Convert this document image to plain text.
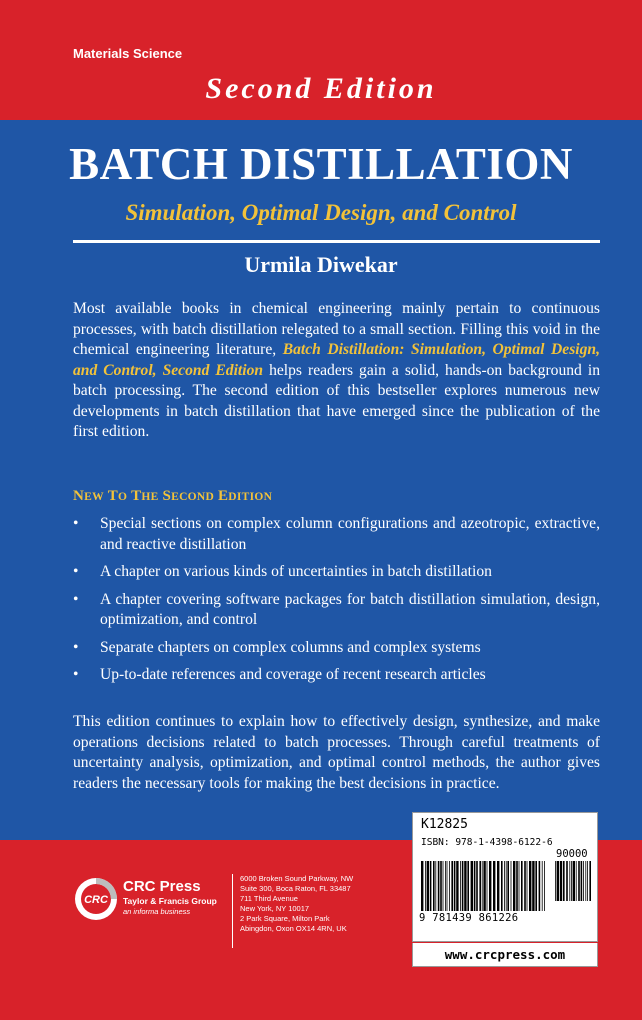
Materials Science
Second Edition
BATCH DISTILLATION
Simulation, Optimal Design, and Control
Urmila Diwekar

Most available books in chemical engineering mainly pertain to continuous processes, with batch distillation relegated to a small section. Filling this void in the chemical engineering literature, Batch Distillation: Simulation, Optimal Design, and Control, Second Edition helps readers gain a solid, hands-on background in batch processing. The second edition of this bestseller explores numerous new developments in batch distillation that have emerged since the publication of the first edition.

NEW TO THE SECOND EDITION
• Special sections on complex column configurations and azeotropic, extractive, and reactive distillation
• A chapter on various kinds of uncertainties in batch distillation
• A chapter covering software packages for batch distillation simulation, design, optimization, and control
• Separate chapters on complex columns and complex systems
• Up-to-date references and coverage of recent research articles

This edition continues to explain how to effectively design, synthesize, and make operations decisions related to batch processes. Through careful treatments of uncertainty analysis, optimization, and optimal control methods, the author gives readers the necessary tools for making the best decisions in practice.

CRC
CRC Press
Taylor & Francis Group
an informa business
6000 Broken Sound Parkway, NW
Suite 300, Boca Raton, FL 33487
711 Third Avenue
New York, NY 10017
2 Park Square, Milton Park
Abingdon, Oxon OX14 4RN, UK
K12825
ISBN: 978-1-4398-6122-6
90000
9 781439 861226
www.crcpress.com
